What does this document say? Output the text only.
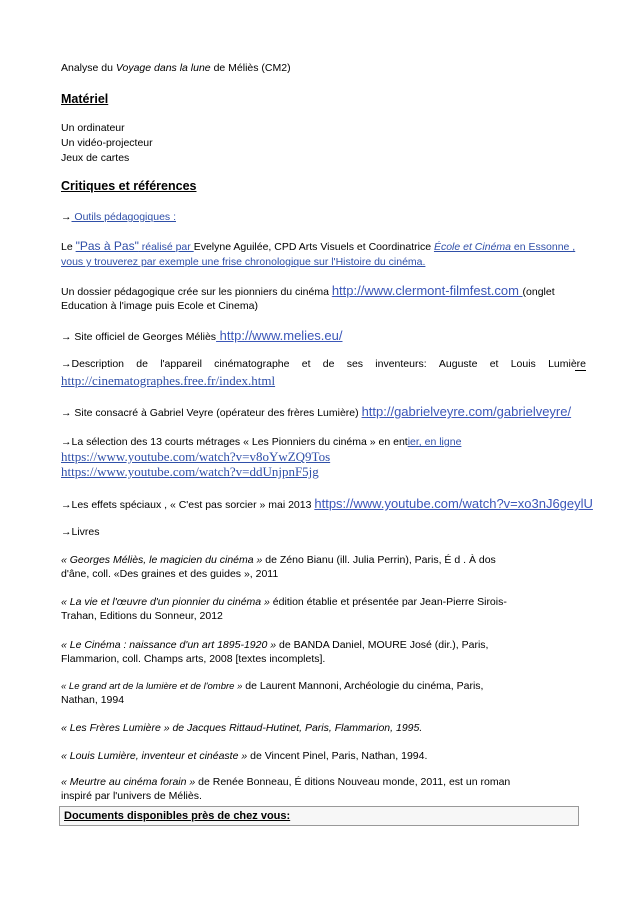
Analyse du Voyage dans la lune de Méliès (CM2)
Matériel
Un ordinateur
Un vidéo-projecteur
Jeux de cartes
Critiques et références
→ Outils pédagogiques :
Le "Pas à Pas" réalisé par Evelyne Aguilée, CPD Arts Visuels et Coordinatrice École et Cinéma en Essonne ,
vous y trouverez par exemple une frise chronologique sur l'Histoire du cinéma.
Un dossier pédagogique crée sur les pionniers du cinéma http://www.clermont-filmfest.com (onglet
Education à l'image puis Ecole et Cinema)
→ Site officiel de Georges Méliès http://www.melies.eu/
→Description de l'appareil cinématographe et de ses inventeurs: Auguste et Louis Lumière
http://cinematographes.free.fr/index.html
→ Site consacré à Gabriel Veyre (opérateur des frères Lumière) http://gabrielveyre.com/gabrielveyre/
→La sélection des 13 courts métrages « Les Pionniers du cinéma » en entier, en ligne
https://www.youtube.com/watch?v=v8oYwZQ9Tos
https://www.youtube.com/watch?v=ddUnjpnF5jg
→Les effets spéciaux , « C'est pas sorcier » mai 2013 https://www.youtube.com/watch?v=xo3nJ6geylU
→Livres
« Georges Méliès, le magicien du cinéma » de Zéno Bianu (ill. Julia Perrin), Paris, É d . À dos
d'âne, coll. «Des graines et des guides », 2011
« La vie et l'œuvre d'un pionnier du cinéma » édition établie et présentée par Jean-Pierre Sirois-
Trahan, Editions du Sonneur, 2012
« Le Cinéma : naissance d'un art 1895-1920 » de BANDA Daniel, MOURE José (dir.), Paris,
Flammarion, coll. Champs arts, 2008 [textes incomplets].
« Le grand art de la lumière et de l'ombre » de Laurent Mannoni, Archéologie du cinéma, Paris,
Nathan, 1994
« Les Frères Lumière » de Jacques Rittaud-Hutinet, Paris, Flammarion, 1995.
« Louis Lumière, inventeur et cinéaste » de Vincent Pinel, Paris, Nathan, 1994.
« Meurtre au cinéma forain » de Renée Bonneau, É ditions Nouveau monde, 2011, est un roman
inspiré par l'univers de Méliès.
Documents disponibles près de chez vous:
